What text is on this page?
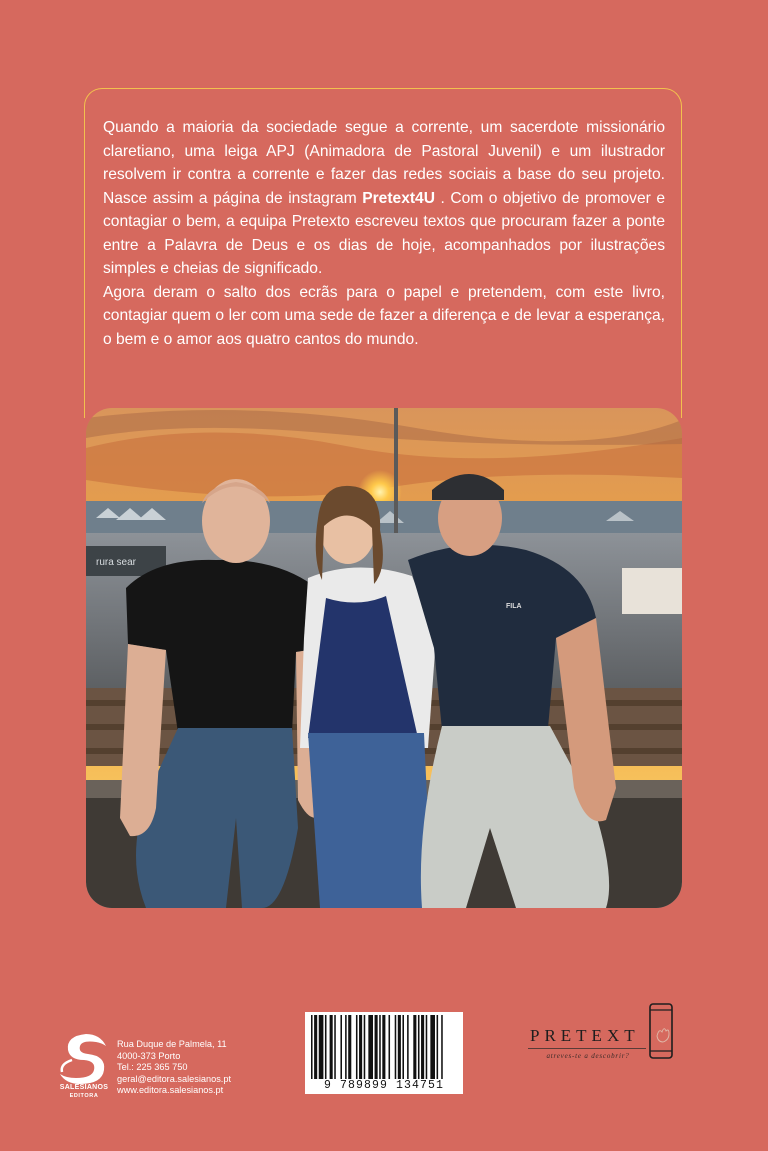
Quando a maioria da sociedade segue a corrente, um sacerdote missionário claretiano, uma leiga APJ (Animadora de Pastoral Juvenil) e um ilustrador resolvem ir contra a corrente e fazer das redes sociais a base do seu projeto. Nasce assim a página de instagram Pretext4U . Com o objetivo de promover e contagiar o bem, a equipa Pretexto escreveu textos que procuram fazer a ponte entre a Palavra de Deus e os dias de hoje, acompanhados por ilustrações simples e cheias de significado.

Agora deram o salto dos ecrãs para o papel e pretendem, com este livro, contagiar quem o ler com uma sede de fazer a diferença e de levar a esperança, o bem e o amor aos quatro cantos do mundo.

rura sear
FILA
SALESIANOS
EDITORA
Rua Duque de Palmela, 11
4000-373 Porto
Tel.: 225 365 750
geral@editora.salesianos.pt
www.editora.salesianos.pt	9 789899 134751
PRETEXT
atreves-te a descobrir?
